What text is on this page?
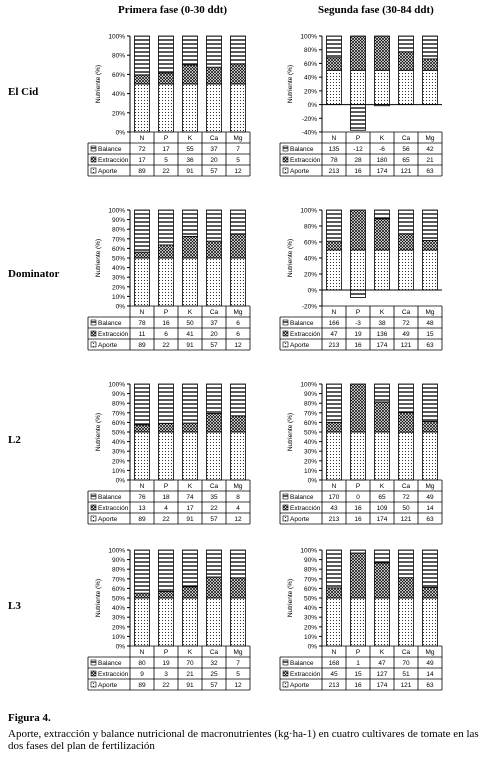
Primera fase (0-30 ddt)	Segunda fase (30-84 ddt)
El Cid
Dominator
L2
L3
0%
20%
40%
60%
80%
100%
Nutriente (%)
N	P	K	Ca Mg
Balance	72	17	55	37	7
Extracción 17	5	36	20	5
Aporte	89	22	91	57	12
-40%
-20%
0%
20%
40%
60%
80%
100%
Nutriente (%)
N	P	K	Ca Mg
Balance 135 -12	-6	56	42
Extracción 78	28 180 65	21
Aporte	213 16 174 121 63
0%
10%
20%
30%
40%
50%
60%
70%
80%
90%
100%
Nutriente (%)
N	P	K	Ca Mg
Balance	78	16	50	37	6
Extracción 11	6	41	20	6
Aporte	89	22	91	57	12
-20%
0%
20%
40%
60%
80%
100%
Nutriente (%)
N	P	K	Ca Mg
Balance 166 -3	38	72	48
Extracción 47	19 136 49	15
Aporte	213 16 174 121 63
0%
10%
20%
30%
40%
50%
60%
70%
80%
90%
100%
Nutriente (%)
N	P	K	Ca Mg
Balance	76	18	74	35	8
Extracción 13	4	17	22	4
Aporte	89	22	91	57	12
0%
10%
20%
30%
40%
50%
60%
70%
80%
90%
100%
Nutriente (%)
N	P	K	Ca Mg
Balance 170	0	65	72	49
Extracción 43	16 109 50	14
Aporte	213 16 174 121 63
0%
10%
20%
30%
40%
50%
60%
70%
80%
90%
100%
Nutriente (%)
N	P	K	Ca Mg
Balance	80	19	70	32	7
Extracción 9	3	21	25	5
Aporte	89	22	91	57	12
0%
10%
20%
30%
40%
50%
60%
70%
80%
90%
100%
Nutriente (%)
N	P	K	Ca Mg
Balance 168	1	47	70	49
Extracción 45	15 127 51	14
Aporte	213 16 174 121 63
Figura 4.
Aporte, extracción y balance nutricional de macronutrientes (kg·ha-1) en cuatro cultivares de tomate en las dos fases del plan de fertilización
